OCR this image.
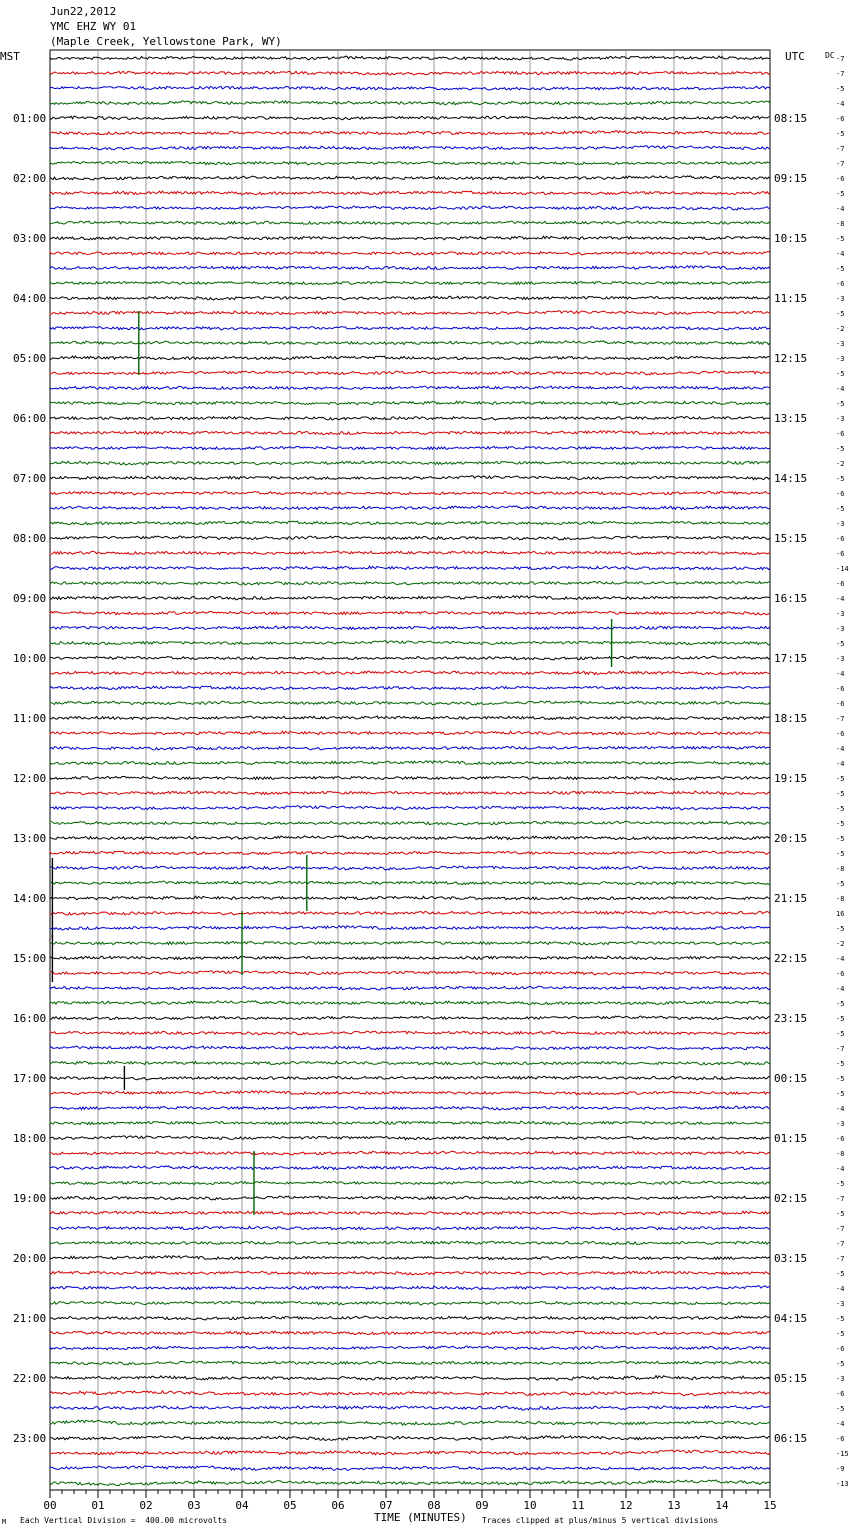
Jun22,2012
YMC EHZ WY 01
(Maple Creek, Yellowstone Park, WY)
MST	UTC	DC
01:00
02:00
03:00
04:00
05:00
06:00
07:00
08:00
09:00
10:00
11:00
12:00
13:00
14:00
15:00
16:00
17:00
18:00
19:00
20:00
21:00
22:00
23:00
08:15
09:15
10:15
11:15
12:15
13:15
14:15
15:15
16:15
17:15
18:15
19:15
20:15
21:15
22:15
23:15
00:15
01:15
02:15
03:15
04:15
05:15
06:15
-7
-7
-5
-4
-6
-5
-7
-7
-6
-5
-4
-8
-5
-4
-5
-6
-3
-5
-2
-3
-3
-5
-4
-5
-3
-6
-5
-2
-5
-6
-5
-3
-6
-6
-14
-6
-4
-3
-3
-5
-3
-4
-6
-6
-7
-6
-4
-4
-5
-5
-5
-5
-5
-5
-8
-5
-8
16
-5
-2
-4
-6
-4
-5
-5
-5
-7
-5
-5
-5
-4
-3
-6
-8
-4
-5
-7
-5
-7
-7
-7
-5
-4
-3
-5
-5
-6
-5
-3
-6
-5
-4
-6
-15
-9
-13
00	01	02	03	04	05	06	07	08	09	10	11	12	13	14	15
M Each Vertical Division =  400.00 microvolts	Traces clipped at plus/minus 5 vertical divisions
TIME (MINUTES)
